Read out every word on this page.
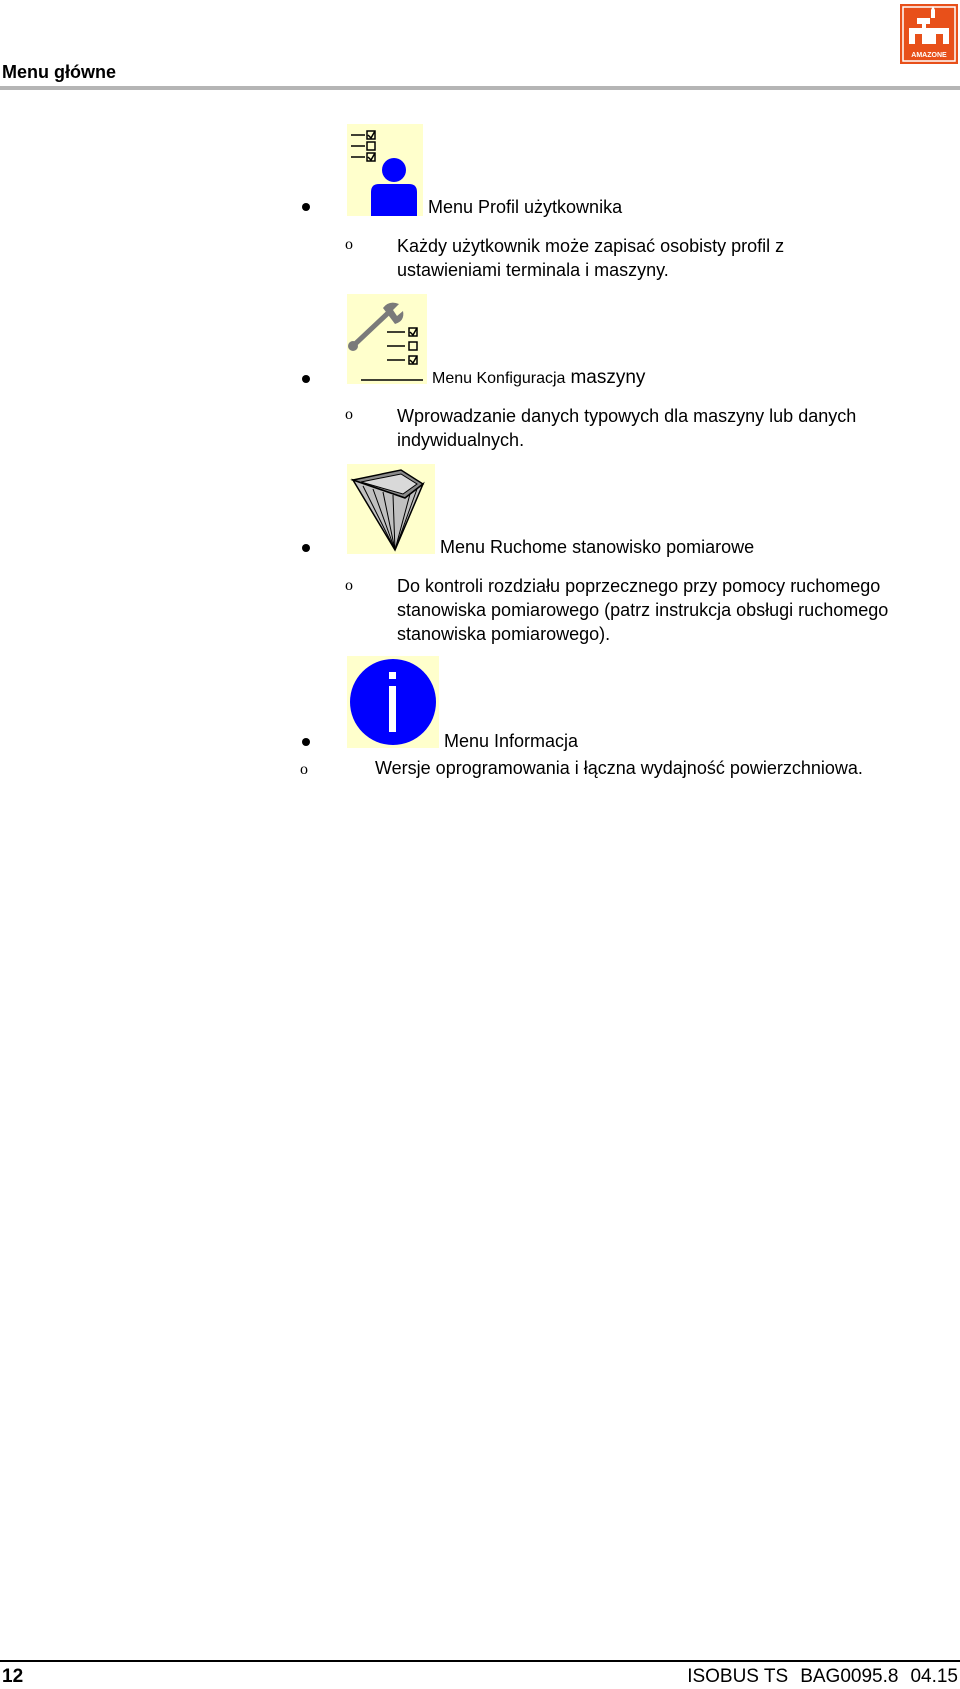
Menu główne
AMAZONE
Menu Profil użytkownika
o Każdy użytkownik może zapisać osobisty profil z ustawieniami terminala i maszyny.
Menu Konfiguracja maszyny
o Wprowadzanie danych typowych dla maszyny lub danych indywidualnych.
Menu Ruchome stanowisko pomiarowe
o Do kontroli rozdziału poprzecznego przy pomocy ruchomego stanowiska pomiarowego (patrz instrukcja obsługi ruchomego stanowiska pomiarowego).
Menu Informacja
o	Wersje oprogramowania i łączna wydajność powierzchniowa.
12	ISOBUS TS BAG0095.8 04.15
